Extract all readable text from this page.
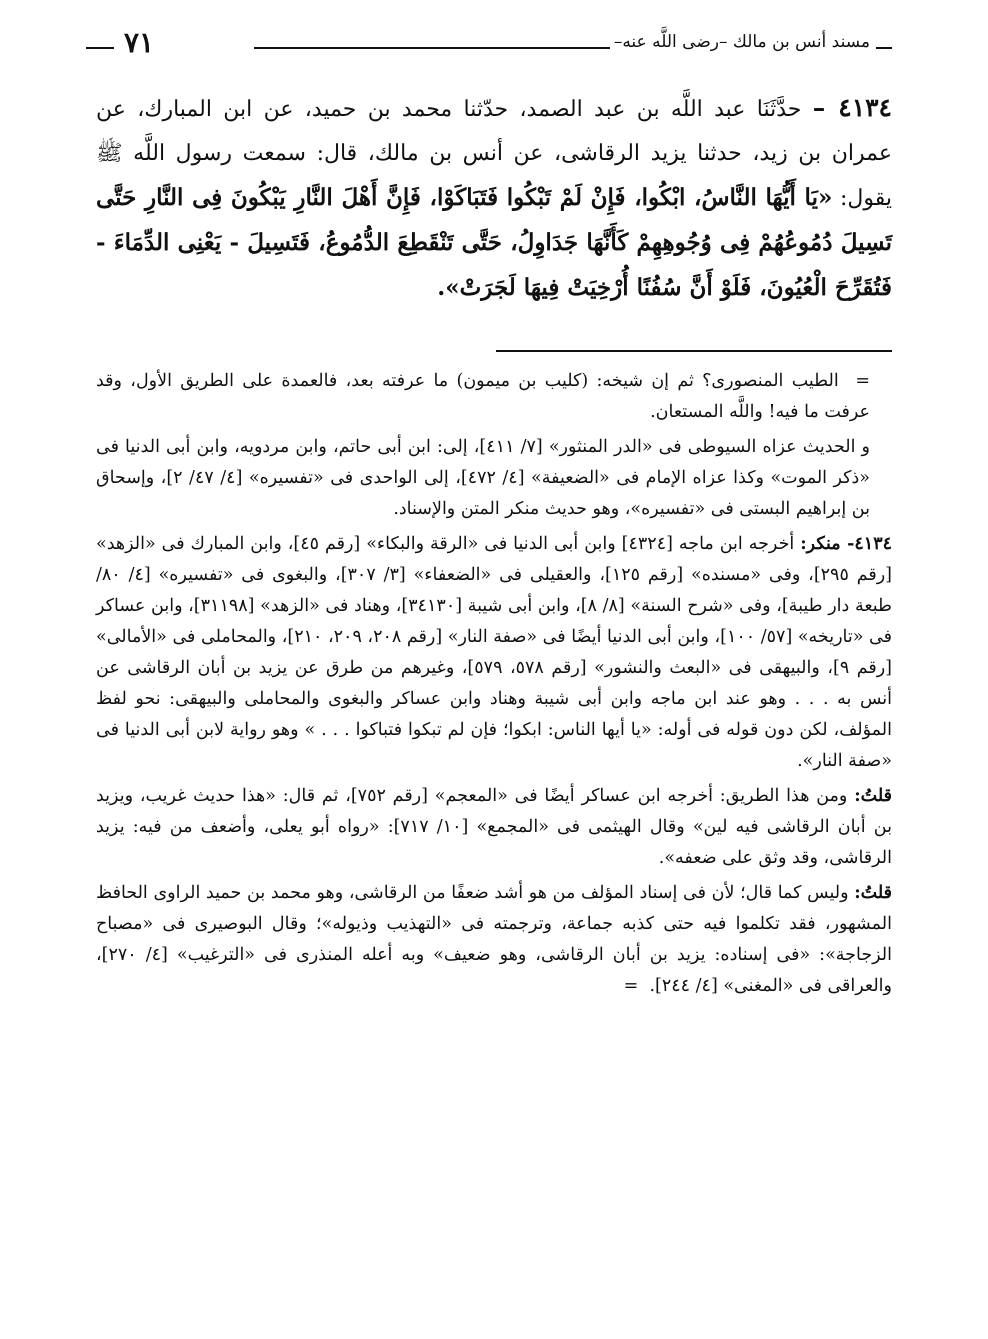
مسند أنس بن مالك –رضى اللَّه عنه–
٧١

٤١٣٤ – حدَّثَنَا عبد اللَّه بن عبد الصمد، حدّثنا محمد بن حميد، عن ابن المبارك، عن عمران بن زيد، حدثنا يزيد الرقاشى، عن أنس بن مالك، قال: سمعت رسول اللَّه ﷺ يقول: «يَا أَيُّهَا النَّاسُ، ابْكُوا، فَإِنْ لَمْ تَبْكُوا فَتَبَاكَوْا، فَإِنَّ أَهْلَ النَّارِ يَبْكُونَ فِى النَّارِ حَتَّى تَسِيلَ دُمُوعُهُمْ فِى وُجُوهِهِمْ كَأَنَّهَا جَدَاوِلُ، حَتَّى تَنْقَطِعَ الدُّمُوعُ، فَتَسِيلَ - يَعْنِى الدِّمَاءَ - فَتُقَرِّحَ الْعُيُونَ، فَلَوْ أَنَّ سُفُنًا أُرْخِيَتْ فِيهَا لَجَرَتْ».

=  الطيب المنصورى؟ ثم إن شيخه: (كليب بن ميمون) ما عرفته بعد، فالعمدة على الطريق الأول، وقد عرفت ما فيه! واللَّه المستعان.

و الحديث عزاه السيوطى فى «الدر المنثور» [٧/ ٤١١]، إلى: ابن أبى حاتم، وابن مردويه، وابن أبى الدنيا فى «ذكر الموت» وكذا عزاه الإمام فى «الضعيفة» [٤/ ٤٧٢]، إلى الواحدى فى «تفسيره» [٤/ ٤٧/ ٢]، وإسحاق بن إبراهيم البستى فى «تفسيره»، وهو حديث منكر المتن والإسناد.

٤١٣٤- منكر: أخرجه ابن ماجه [٤٣٢٤] وابن أبى الدنيا فى «الرقة والبكاء» [رقم ٤٥]، وابن المبارك فى «الزهد» [رقم ٢٩٥]، وفى «مسنده» [رقم ١٢٥]، والعقيلى فى «الضعفاء» [٣/ ٣٠٧]، والبغوى فى «تفسيره» [٤/ ٨٠/ طبعة دار طيبة]، وفى «شرح السنة» [٨/ ٨]، وابن أبى شيبة [٣٤١٣٠]، وهناد فى «الزهد» [٣١١٩٨]، وابن عساكر فى «تاريخه» [٥٧/ ١٠٠]، وابن أبى الدنيا أيضًا فى «صفة النار» [رقم ٢٠٨، ٢٠٩، ٢١٠]، والمحاملى فى «الأمالى» [رقم ٩]، والبيهقى فى «البعث والنشور» [رقم ٥٧٨، ٥٧٩]، وغيرهم من طرق عن يزيد بن أبان الرقاشى عن أنس به . . . وهو عند ابن ماجه وابن أبى شيبة وهناد وابن عساكر والبغوى والمحاملى والبيهقى: نحو لفظ المؤلف، لكن دون قوله فى أوله: «يا أيها الناس: ابكوا؛ فإن لم تبكوا فتباكوا . . . » وهو رواية لابن أبى الدنيا فى «صفة النار».

قلتُ: ومن هذا الطريق: أخرجه ابن عساكر أيضًا فى «المعجم» [رقم ٧٥٢]، ثم قال: «هذا حديث غريب، ويزيد بن أبان الرقاشى فيه لين» وقال الهيثمى فى «المجمع» [١٠/ ٧١٧]: «رواه أبو يعلى، وأضعف من فيه: يزيد الرقاشى، وقد وثق على ضعفه».

قلتُ: وليس كما قال؛ لأن فى إسناد المؤلف من هو أشد ضعفًا من الرقاشى، وهو محمد بن حميد الراوى الحافظ المشهور، فقد تكلموا فيه حتى كذبه جماعة، وترجمته فى «التهذيب وذيوله»؛ وقال البوصيرى فى «مصباح الزجاجة»: «فى إسناده: يزيد بن أبان الرقاشى، وهو ضعيف» وبه أعله المنذرى فى «الترغيب» [٤/ ٢٧٠]، والعراقى فى «المغنى» [٤/ ٢٤٤].  =
